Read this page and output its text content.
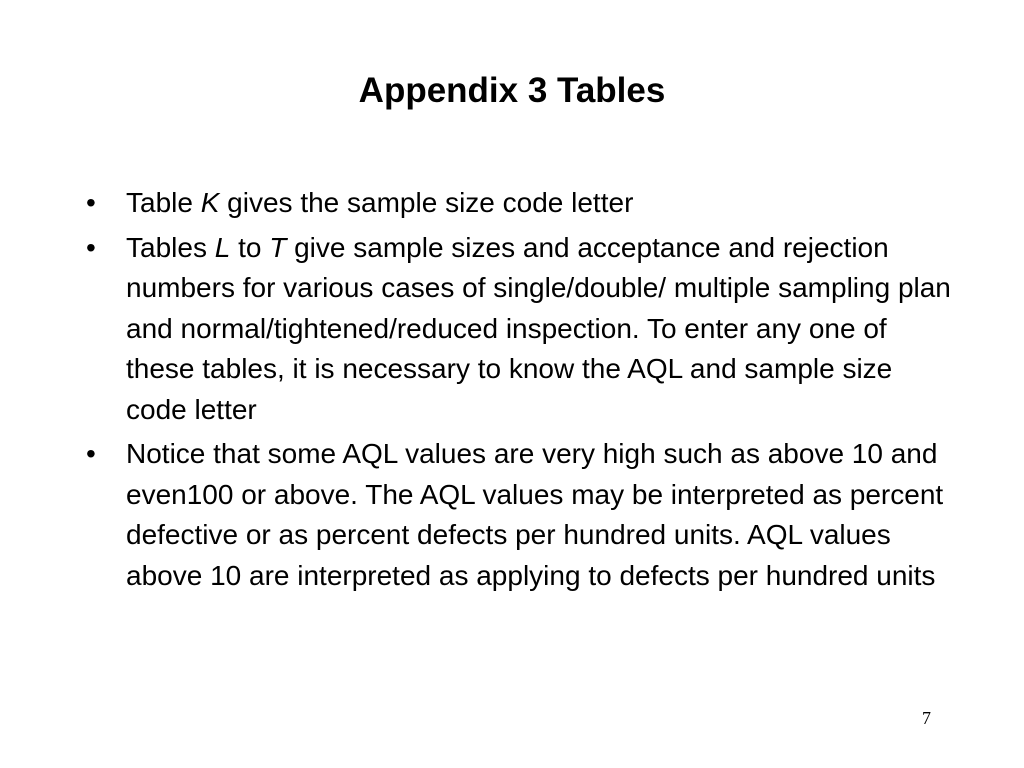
Appendix 3 Tables
• Table K gives the sample size code letter
• Tables L to T give sample sizes and acceptance and rejection numbers for various cases of single/double/ multiple sampling plan and normal/tightened/reduced inspection. To enter any one of these tables, it is necessary to know the AQL and sample size code letter
• Notice that some AQL values are very high such as above 10 and even100 or above. The AQL values may be interpreted as percent defective or as percent defects per hundred units. AQL values above 10 are interpreted as applying to defects per hundred units
7
